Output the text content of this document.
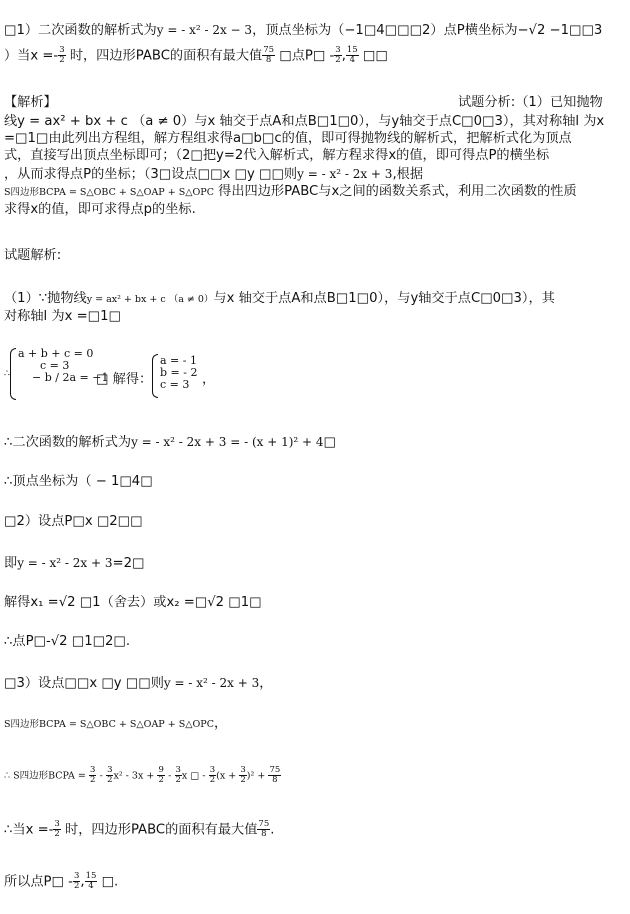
□1）二次函数的解析式为y = - x² - 2x − 3，顶点坐标为（−1□4□□□2）点P横坐标为−√2 −1□□3
）当$x =- \frac{3}{2}$ 时，四边形PABC的面积有最大值 $\frac{75}{8}$ □点P□ - $\frac{3}{2}$ , $\frac{15}{4}$ □□
【解析】	试题分析:（1）已知抛物
线y = ax² + bx + c （a ≠ 0）与x 轴交于点A和点B□1□0），与y轴交于点C□0□3），其对称轴l 为x
=□1□由此列出方程组，解方程组求得a□b□c的值，即可得抛物线的解析式，把解析式化为顶点
式，直接写出顶点坐标即可；（2□把y=2代入解析式，解方程求得x的值，即可得点P的横坐标
，从而求得点P的坐标；（3□设点□□x □y □□则y = - x² - 2x + 3,根据
S四边形BCPA = S△OBC + S△OAP + S△OPC 得出四边形PABC与x之间的函数关系式，利用二次函数的性质
求得x的值，即可求得点p的坐标.
试题解析:
（1）∵抛物线y = ax² + bx + c （a ≠ 0）与x 轴交于点A和点B□1□0），与y轴交于点C□0□3），其
对称轴l 为x =□1□
∴
a + b + c = 0
c = 3
− b / 2a = −1
□ 解得：
a = - 1
b = - 2
c = 3 ，
∴二次函数的解析式为y = - x² - 2x + 3 = - (x + 1)² + 4□
∴顶点坐标为（ − 1□4□
□2）设点P□x □2□□
即y = - x² - 2x + 3=2□
解得x₁ =√2 □1（舍去）或x₂ =□√2 □1□
∴点P□-√2 □1□2□.
□3）设点□□x □y □□则y = - x² - 2x + 3，
S四边形BCPA = S△OBC + S△OAP + S△OPC，
∴ S四边形BCPA = $\frac{3}{2} - \frac{3}{2} x^2 - 3x + \frac{9}{2} - \frac{3}{2}$ x □ - $\frac{3}{2} (x + \frac{3}{2} )^2 + \frac{75}{8}$
∴当$x =- \frac{3}{2}$ 时，四边形PABC的面积有最大值 $\frac{75}{8}$ .
所以点P□ - $\frac{3}{2}$ , $\frac{15}{4}$ □.
